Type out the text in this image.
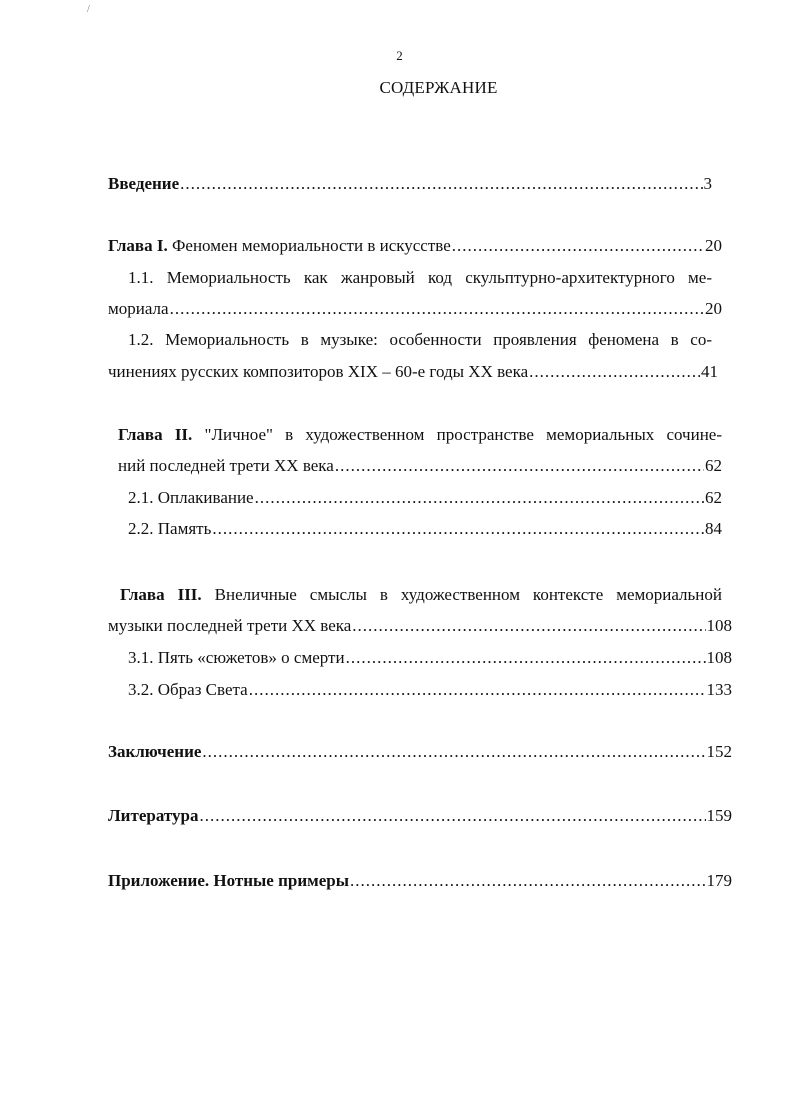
/
2
СОДЕРЖАНИЕ
Введение .....	3
Глава I. Феномен мемориальности в искусстве .....	20
1.1. Мемориальность как жанровый код скульптурно-архитектурного ме-
мориала .....	20
1.2. Мемориальность в музыке: особенности проявления феномена в со-
чинениях русских композиторов XIX – 60-е годы XX века .....	41
Глава II. "Личное" в художественном пространстве мемориальных сочине-
ний последней трети XX века .....	62
2.1. Оплакивание .....	62
2.2. Память .....	84
Глава III. Внеличные смыслы в художественном контексте мемориальной
музыки последней трети XX века .....	108
3.1. Пять «сюжетов» о смерти .....	108
3.2. Образ Света .....	133
Заключение .....	152
Литература .....	159
Приложение. Нотные примеры .....	179
